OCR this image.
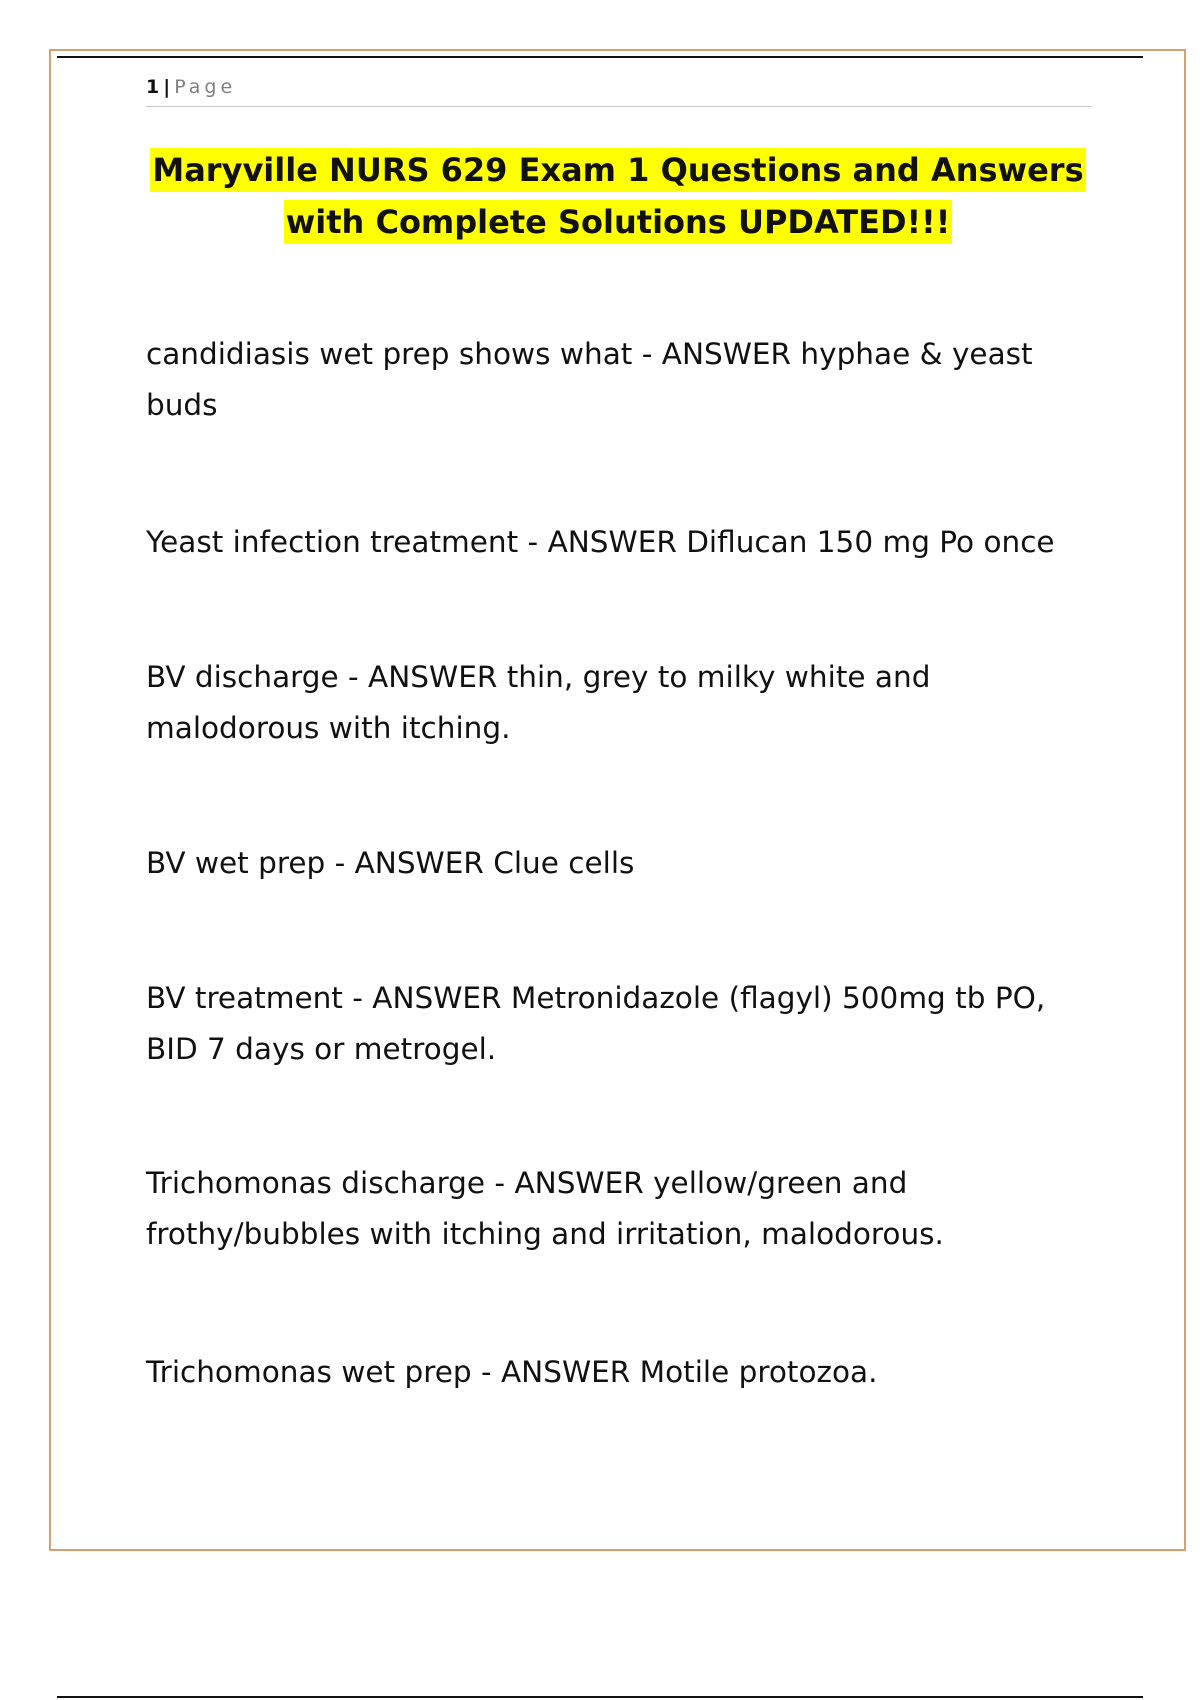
1 | Page
Maryville NURS 629 Exam 1 Questions and Answers
with Complete Solutions UPDATED!!!
candidiasis wet prep shows what - ANSWER hyphae & yeast buds
Yeast infection treatment - ANSWER Diflucan 150 mg Po once
BV discharge - ANSWER thin, grey to milky white and malodorous with itching.
BV wet prep - ANSWER Clue cells
BV treatment - ANSWER Metronidazole (flagyl) 500mg tb PO, BID 7 days or metrogel.
Trichomonas discharge - ANSWER yellow/green and frothy/bubbles with itching and irritation, malodorous.
Trichomonas wet prep - ANSWER Motile protozoa.
